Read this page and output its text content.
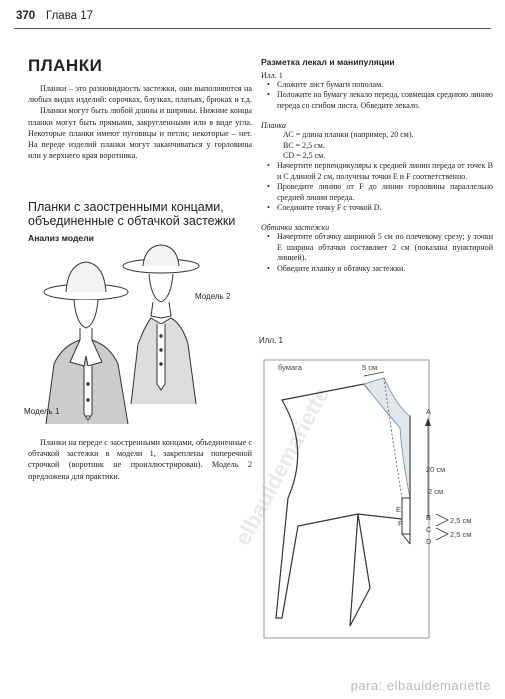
370 Глава 17
ПЛАНКИ

Планки – это разновидность застежки, они выполняются на любых видах изделий: сорочках, блузках, платьях, брюках и т.д.

Планки могут быть любой длины и ширины. Нижние концы планки могут быть прямыми, закругленными или в виде угла. Некоторые планки имеют пуговицы и петли; некоторые – нет. На переде изделий планки могут заканчиваться у горловины или у верхнего края воротника.

Планки с заостренными концами, объединенные с обтачкой застежки
Анализ модели
Модель 2
Модель 1

Планки на переде с заостренными концами, объединенные с обтачкой застежки в модели 1, закреплены поперечной строчкой (воротник не проиллюстрирован). Модель 2 предложена для практики.

Разметка лекал и манипуляции
Илл. 1
• Сложите лист бумаги пополам.
• Положите на бумагу лекало переда, совмещая среднюю линию переда со сгибом листа. Обведите лекало.
Планка
АС = длина планки (например, 20 см).
ВС = 2,5 см.
CD = 2,5 см.
• Начертите перпендикуляры к средней линии переда от точек В и С длиной 2 см, получены точки Е и F соответственно.
• Проведите линию от F до линии горловины параллельно средней линии переда.
• Соедините точку F с точкой D.
Обтачки застежки
• Начертите обтачку шириной 5 см по плечевому срезу; у точки E ширина обтачки составляет 2 см (показана пунктирной линией).
• Обведите планку и обтачку застежки.
Илл. 1
elbauldemariette
бумага	5 см
A
20 см
2 см
E
F
B
C
D
2,5 см
2,5 см
para: elbauldemariette
